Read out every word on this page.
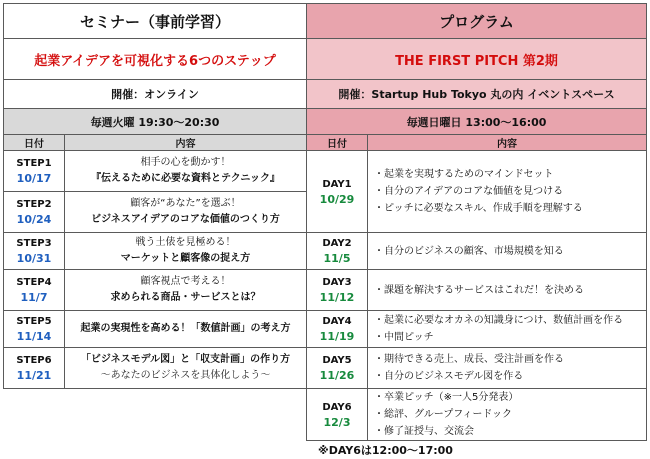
セミナー（事前学習）
起業アイデアを可視化する6つのステップ
開催：オンライン
毎週火曜 19:30～20:30
日付	内容
STEP1
10/17
相手の心を動かす！
『伝えるために必要な資料とテクニック』
STEP2
10/24
顧客が“あなた”を選ぶ！
ビジネスアイデアのコアな価値のつくり方
STEP3
10/31
戦う土俵を見極める！
マーケットと顧客像の捉え方
STEP4
11/7
顧客視点で考える！
求められる商品・サービスとは？
STEP5
11/14
起業の実現性を高める！「数値計画」の考え方
STEP6
11/21
「ビジネスモデル図」と「収支計画」の作り方
～あなたのビジネスを具体化しよう～
プログラム
THE FIRST PITCH 第2期
開催：Startup Hub Tokyo 丸の内 イベントスペース
毎週日曜日 13:00～16:00
日付	内容
DAY1
10/29
・ 起業を実現するためのマインドセット
・ 自分のアイデアのコアな価値を見つける
・ ピッチに必要なスキル、作成手順を理解する
DAY2
11/5
・ 自分のビジネスの顧客、市場規模を知る
DAY3
11/12
・ 課題を解決するサービスはこれだ！を決める
DAY4
11/19
・ 起業に必要なオカネの知識身につけ、数値計画を作る
・ 中間ピッチ
DAY5
11/26
・ 期待できる売上、成長、受注計画を作る
・ 自分のビジネスモデル図を作る
DAY6
12/3
・ 卒業ピッチ（※一人5分発表）
・ 総評、グループフィードック
・ 修了証授与、交流会
※DAY6は12:00～17:00
